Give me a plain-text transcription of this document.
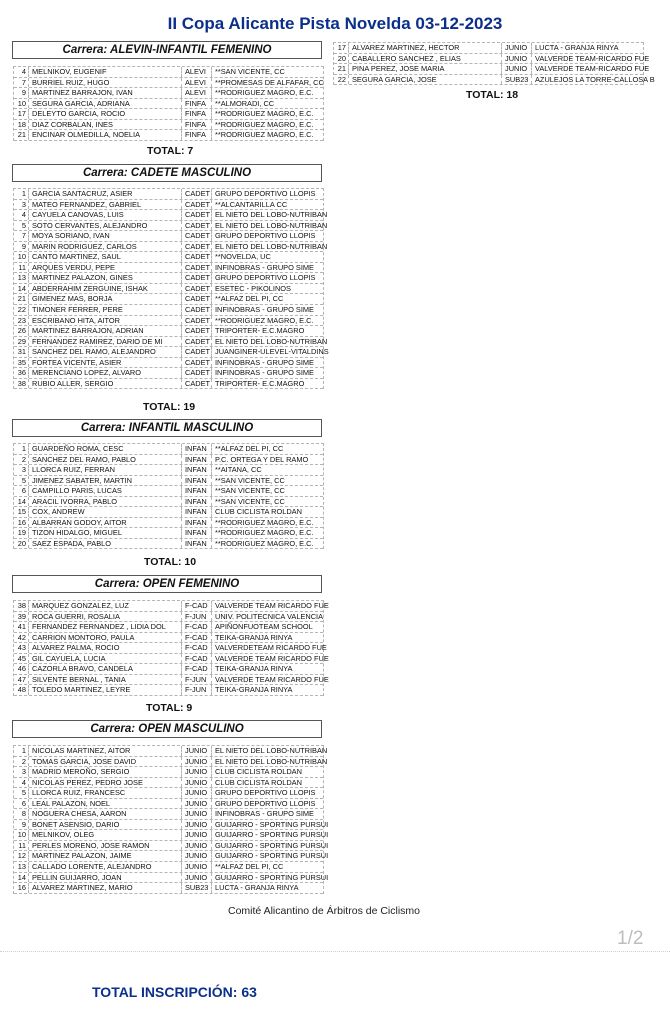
II Copa Alicante Pista Novelda 03-12-2023
Carrera: ALEVIN-INFANTIL FEMENINO
4 MELNIKOV, EUGENIF	ALEVI	**SAN VICENTE, CC
7 BURRIEL RUIZ, HUGO	ALEVI	**PROMESAS DE ALFAFAR, CC
9 MARTINEZ BARRAJON, IVAN	ALEVI	**RODRIGUEZ MAGRO, E.C.
10 SEGURA GARCIA, ADRIANA	FINFA	**ALMORADI, CC
17 DELEYTO GARCIA, ROCIO	FINFA	**RODRIGUEZ MAGRO, E.C.
18 DIAZ CORBALAN, INES	FINFA	**RODRIGUEZ MAGRO, E.C.
21 ENCINAR OLMEDILLA, NOELIA	FINFA	**RODRIGUEZ MAGRO, E.C.
TOTAL: 7
Carrera: CADETE MASCULINO
1 GARCIA SANTACRUZ, ASIER	CADET GRUPO DEPORTIVO LLOPIS
3 MATEO FERNANDEZ, GABRIEL	CADET **ALCANTARILLA CC
4 CAYUELA CANOVAS, LUIS	CADET EL NIETO DEL LOBO-NUTRIBAN
5 SOTO CERVANTES, ALEJANDRO	CADET EL NIETO DEL LOBO-NUTRIBAN
7 MOYA SORIANO, IVAN	CADET GRUPO DEPORTIVO LLOPIS
9 MARIN RODRIGUEZ, CARLOS	CADET EL NIETO DEL LOBO-NUTRIBAN
10 CANTO MARTINEZ, SAUL	CADET **NOVELDA, UC
11 ARQUES VERDU, PEPE	CADET INFINOBRAS - GRUPO SIME
13 MARTINEZ PALAZON, GINES	CADET GRUPO DEPORTIVO LLOPIS
14 ABDERRAHIM ZERGUINE, ISHAK	CADET ESETEC - PIKOLINOS
21 GIMENEZ MAS, BORJA	CADET **ALFAZ DEL PI, CC
22 TIMONER FERRER, PERE	CADET INFINOBRAS - GRUPO SIME
23 ESCRIBANO HITA, AITOR	CADET **RODRIGUEZ MAGRO, E.C.
26 MARTINEZ BARRAJON, ADRIAN	CADET TRIPORTER- E.C.MAGRO
29 FERNANDEZ RAMIREZ, DARIO DE MI	CADET EL NIETO DEL LOBO-NUTRIBAN
31 SANCHEZ DEL RAMO, ALEJANDRO	CADET JUANGINER-ULEVEL-VITALDINS
35 FORTEA VICENTE, ASIER	CADET INFINOBRAS - GRUPO SIME
36 MERENCIANO LOPEZ, ALVARO	CADET INFINOBRAS - GRUPO SIME
38 RUBIO ALLER, SERGIO	CADET TRIPORTER- E.C.MAGRO
TOTAL: 19
Carrera: INFANTIL MASCULINO
1 GUARDEÑO ROMA, CESC	INFAN	**ALFAZ DEL PI, CC
2 SANCHEZ DEL RAMO, PABLO	INFAN	P.C. ORTEGA Y DEL RAMO
3 LLORCA RUIZ, FERRAN	INFAN	**AITANA, CC
5 JIMENEZ SABATER, MARTIN	INFAN	**SAN VICENTE, CC
6 CAMPILLO PARIS, LUCAS	INFAN	**SAN VICENTE, CC
14 ARACIL IVORRA, PABLO	INFAN	**SAN VICENTE, CC
15 COX, ANDREW	INFAN	CLUB CICLISTA ROLDAN
16 ALBARRAN GODOY, AITOR	INFAN	**RODRIGUEZ MAGRO, E.C.
19 TIZON HIDALGO, MIGUEL	INFAN	**RODRIGUEZ MAGRO, E.C.
20 SAEZ ESPADA, PABLO	INFAN	**RODRIGUEZ MAGRO, E.C.
TOTAL: 10
Carrera: OPEN FEMENINO
38 MARQUEZ GONZALEZ, LUZ	F-CAD	VALVERDE TEAM RICARDO FUE
39 ROCA GUERRI, ROSALIA	F-JUN	UNIV. POLITECNICA VALENCIA
41 FERNANDEZ FERNANDEZ , LIDIA DOL	F-CAD	APIÑONFUOTEAM SCHOOL
42 CARRION MONTORO, PAULA	F-CAD	TEIKA-GRANJA RINYA
43 ALVAREZ PALMA, ROCIO	F-CAD	VALVERDETEAM RICARDO FUE
45 GIL CAYUELA, LUCIA	F-CAD	VALVERDE TEAM RICARDO FUE
46 CAZORLA BRAVO, CANDELA	F-CAD	TEIKA-GRANJA RINYA
47 SILVENTE BERNAL , TANIA	F-JUN	VALVERDE TEAM RICARDO FUE
48 TOLEDO MARTINEZ, LEYRE	F-JUN	TEIKA-GRANJA RINYA
TOTAL: 9
Carrera: OPEN MASCULINO
1 NICOLAS MARTINEZ, AITOR	JUNIO	EL NIETO DEL LOBO-NUTRIBAN
2 TOMAS GARCIA, JOSE DAVID	JUNIO	EL NIETO DEL LOBO-NUTRIBAN
3 MADRID MEROÑO, SERGIO	JUNIO	CLUB CICLISTA ROLDAN
4 NICOLAS PEREZ, PEDRO JOSE	JUNIO	CLUB CICLISTA ROLDAN
5 LLORCA RUIZ, FRANCESC	JUNIO	GRUPO DEPORTIVO LLOPIS
6 LEAL PALAZON, NOEL	JUNIO	GRUPO DEPORTIVO LLOPIS
8 NOGUERA CHESA, AARON	JUNIO	INFINOBRAS - GRUPO SIME
9 BONET ASENSIO, DARIO	JUNIO	GUIJARRO - SPORTING PURSUI
10 MELNIKOV, OLEG	JUNIO	GUIJARRO - SPORTING PURSUI
11 PERLES MORENO, JOSE RAMON	JUNIO	GUIJARRO - SPORTING PURSUI
12 MARTINEZ PALAZON, JAIME	JUNIO	GUIJARRO - SPORTING PURSUI
13 CALLADO LORENTE, ALEJANDRO	JUNIO	**ALFAZ DEL PI, CC
14 PELLIN GUIJARRO, JOAN	JUNIO	GUIJARRO - SPORTING PURSUI
16 ALVAREZ MARTINEZ, MARIO	SUB23 LUCTA - GRANJA RINYA
17 ALVAREZ MARTINEZ, HECTOR	JUNIO	LUCTA - GRANJA RINYA
20 CABALLERO SANCHEZ , ELIAS	JUNIO	VALVERDE TEAM-RICARDO FUE
21 PINA PEREZ, JOSE MARIA	JUNIO	VALVERDE TEAM-RICARDO FUE
22 SEGURA GARCIA, JOSE	SUB23 AZULEJOS LA TORRE-CALLOSA B
TOTAL: 18
Comité Alicantino de Árbitros de Ciclismo
1/2
TOTAL INSCRIPCIÓN: 63
